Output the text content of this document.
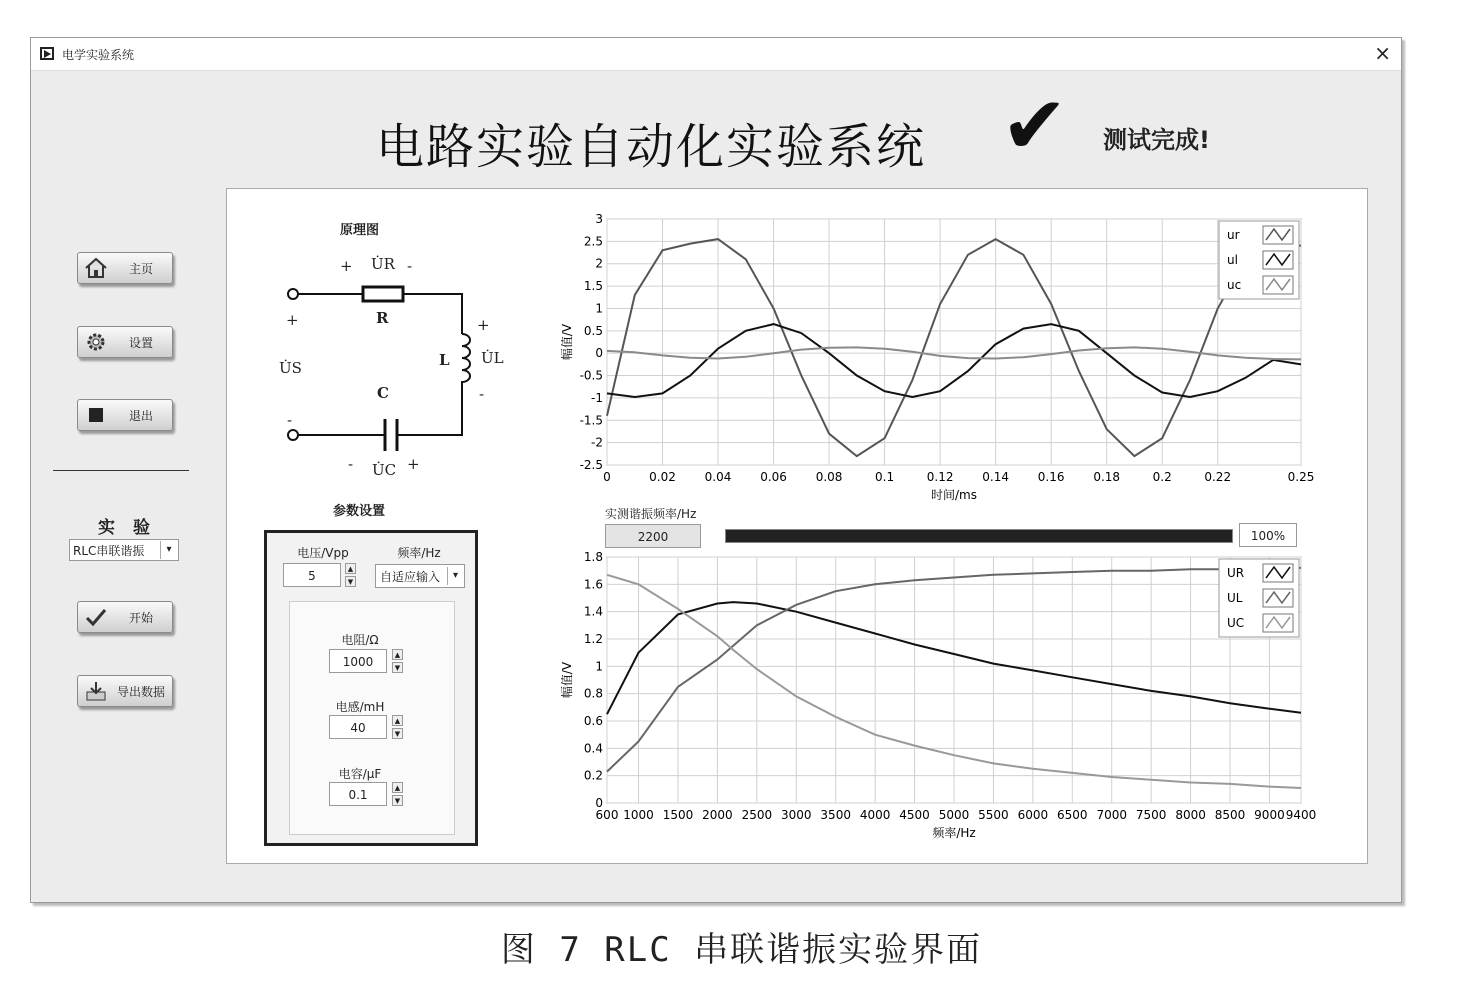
电学实验系统	×
电路实验自动化实验系统 ✔ 测试完成!
主页
设置
退出
实 验
RLC串联谐振	▾
开始
导出数据
原理图
+ U̇R -
R
+
U̇S
-
+
L U̇L
-
C
- U̇C +
参数设置
电压/Vpp
5	▲
▼
频率/Hz
自适应输入	▾
电阻/Ω
1000	▲
▼
电感/mH
40	▲
▼
电容/μF
0.1	▲
▼
0	0.02 0.04 0.06 0.08	0.1	0.12 0.14 0.16 0.18	0.2	0.22	0.25
3
2.5
2
1.5
1
0.5
0
-0.5
-1
-1.5
-2
-2.5
时间/ms
幅值/V
ur
ul
uc
实测谐振频率/Hz
2200	100%
600 1000 1500 2000 2500 3000 3500 4000 4500 5000 5500 6000 6500 7000 7500 8000 8500 9000 9400
1.8
1.6
1.4
1.2
1
0.8
0.6
0.4
0.2
0
频率/Hz
幅值/V
UR
UL
UC
图 7 RLC 串联谐振实验界面
